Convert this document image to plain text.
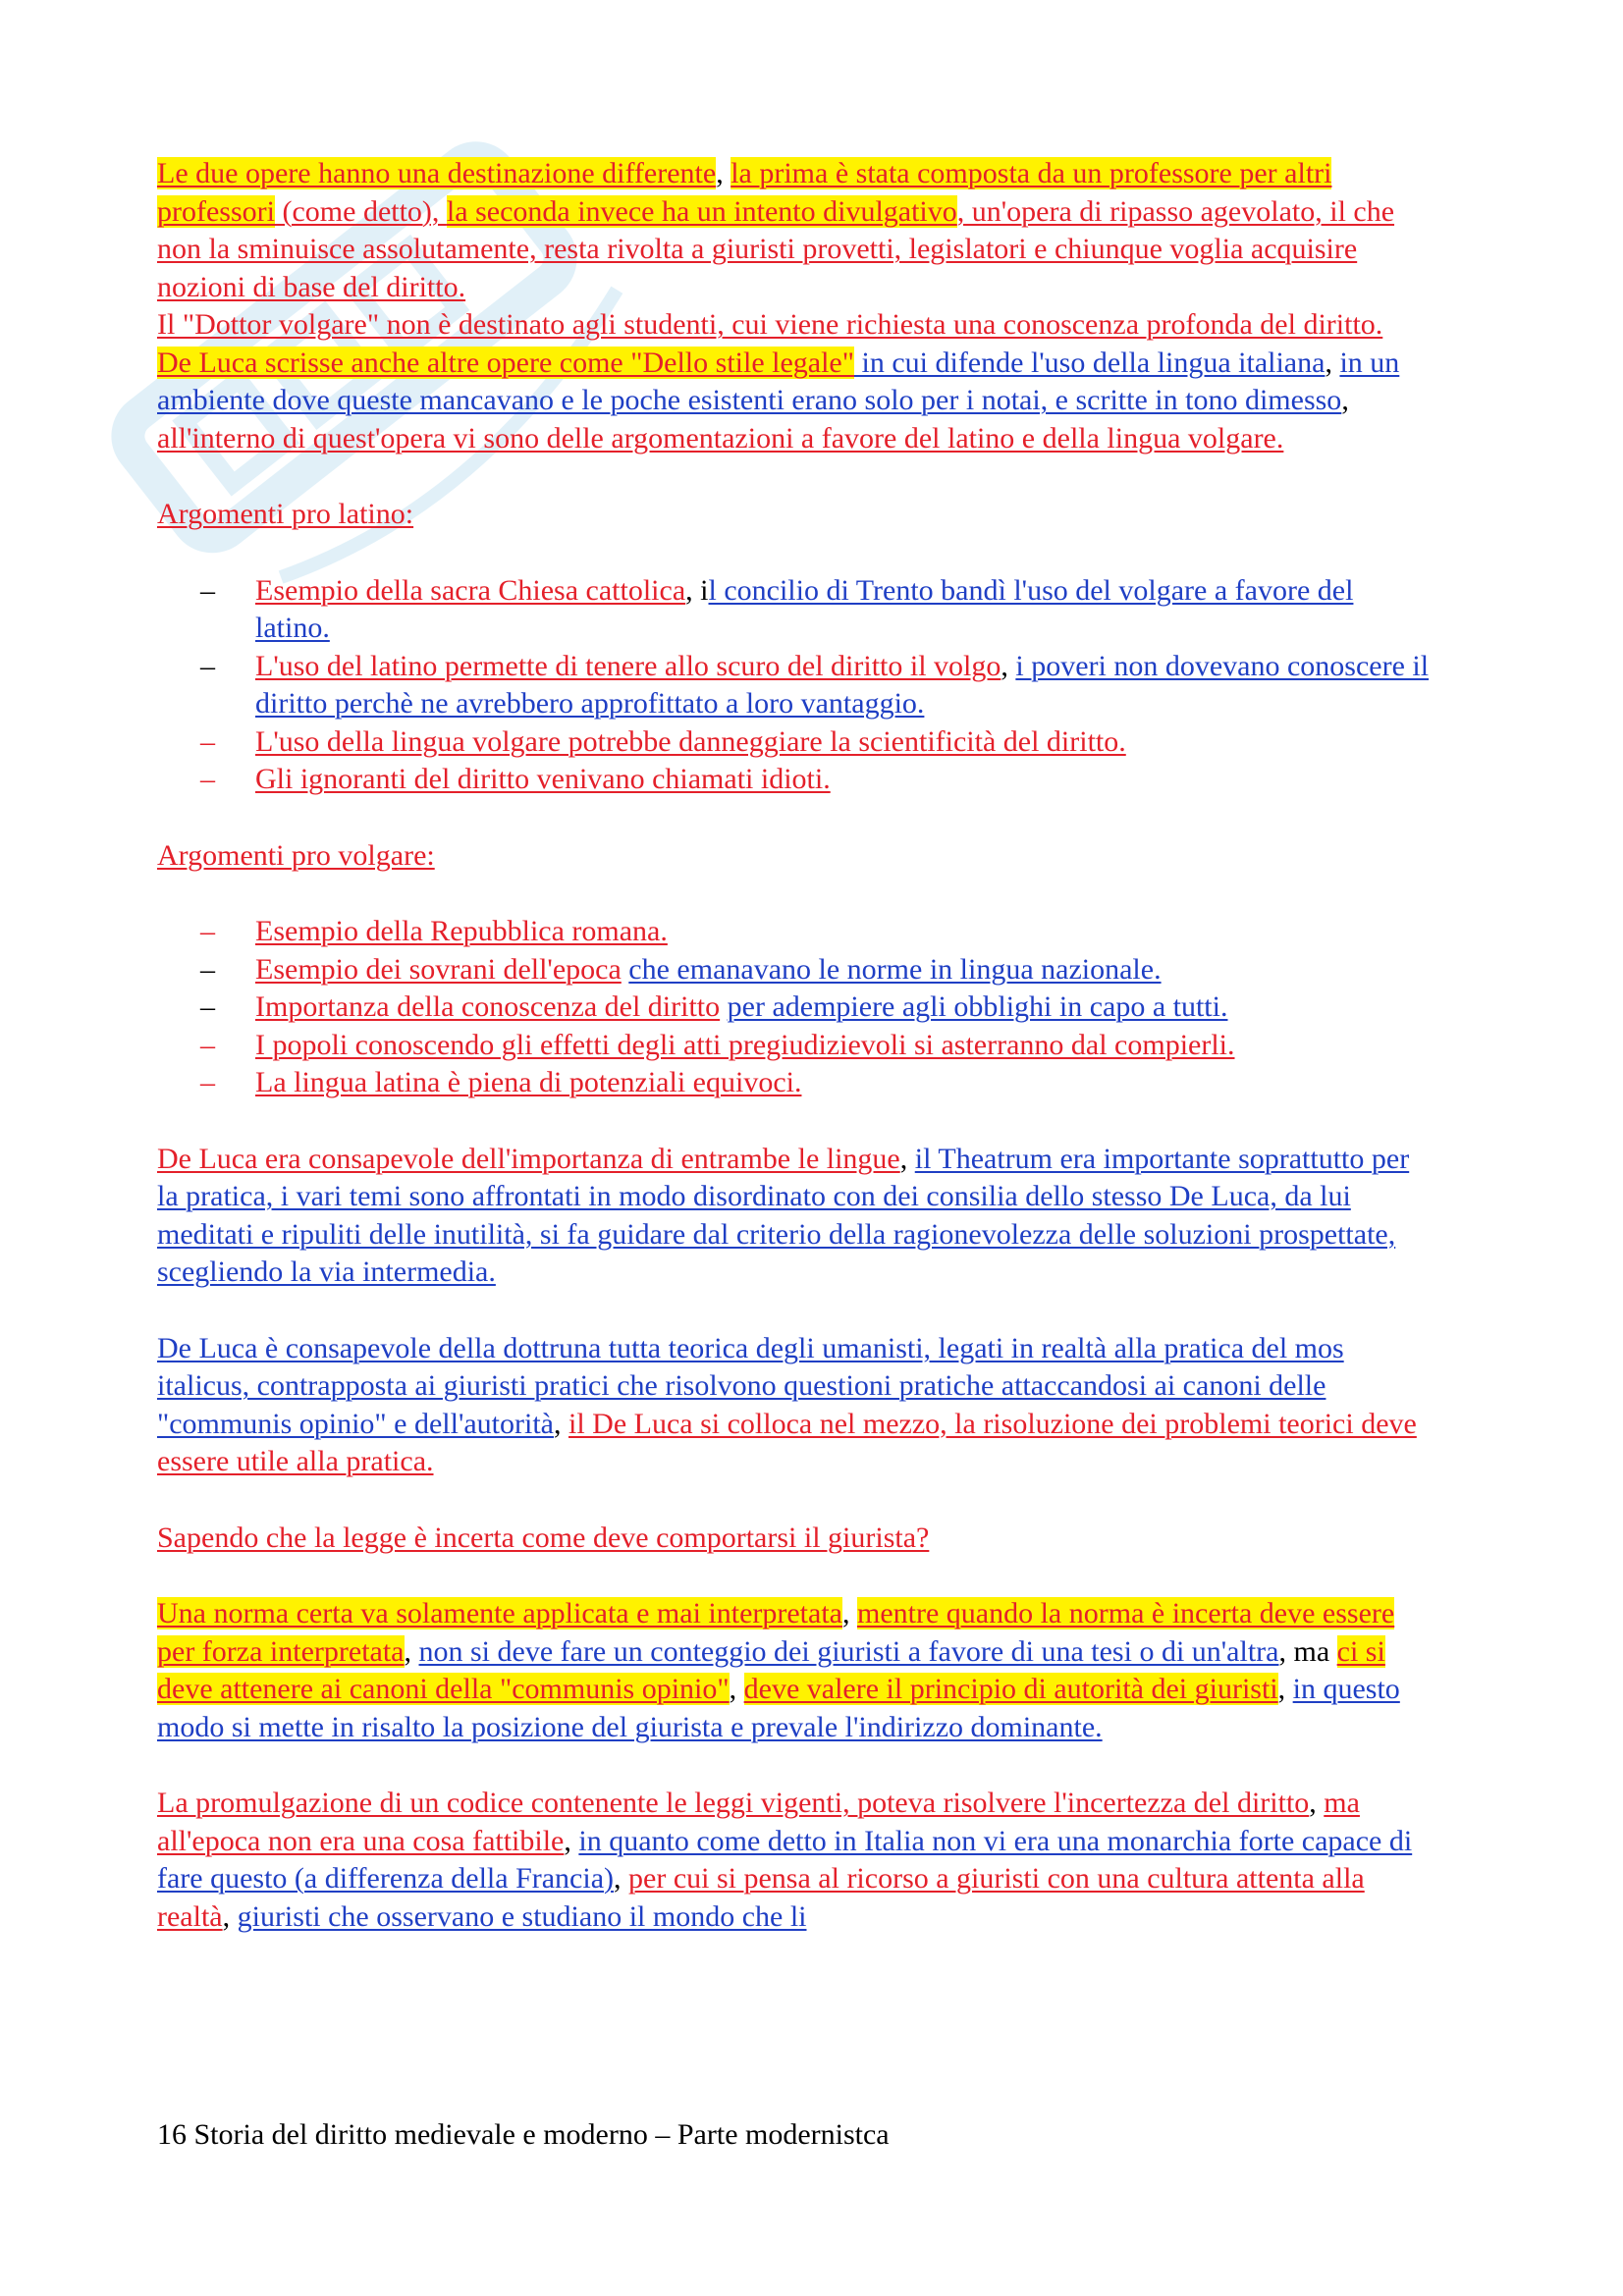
Le due opere hanno una destinazione differente, la prima è stata composta da un professore per altri professori (come detto), la seconda invece ha un intento divulgativo, un'opera di ripasso agevolato, il che non la sminuisce assolutamente, resta rivolta a giuristi provetti, legislatori e chiunque voglia acquisire nozioni di base del diritto.
Il "Dottor volgare" non è destinato agli studenti, cui viene richiesta una conoscenza profonda del diritto.
De Luca scrisse anche altre opere come "Dello stile legale" in cui difende l'uso della lingua italiana, in un ambiente dove queste mancavano e le poche esistenti erano solo per i notai, e scritte in tono dimesso, all'interno di quest'opera vi sono delle argomentazioni a favore del latino e della lingua volgare.
Argomenti pro latino:
– Esempio della sacra Chiesa cattolica, il concilio di Trento bandì l'uso del volgare a favore del latino.
– L'uso del latino permette di tenere allo scuro del diritto il volgo, i poveri non dovevano conoscere il diritto perchè ne avrebbero approfittato a loro vantaggio.
– L'uso della lingua volgare potrebbe danneggiare la scientificità del diritto.
– Gli ignoranti del diritto venivano chiamati idioti.
Argomenti pro volgare:
– Esempio della Repubblica romana.
– Esempio dei sovrani dell'epoca che emanavano le norme in lingua nazionale.
– Importanza della conoscenza del diritto per adempiere agli obblighi in capo a tutti.
– I popoli conoscendo gli effetti degli atti pregiudizievoli si asterranno dal compierli.
– La lingua latina è piena di potenziali equivoci.
De Luca era consapevole dell'importanza di entrambe le lingue, il Theatrum era importante soprattutto per la pratica, i vari temi sono affrontati in modo disordinato con dei consilia dello stesso De Luca, da lui meditati e ripuliti delle inutilità, si fa guidare dal criterio della ragionevolezza delle soluzioni prospettate, scegliendo la via intermedia.
De Luca è consapevole della dottruna tutta teorica degli umanisti, legati in realtà alla pratica del mos italicus, contrapposta ai giuristi pratici che risolvono questioni pratiche attaccandosi ai canoni delle "communis opinio" e dell'autorità, il De Luca si colloca nel mezzo, la risoluzione dei problemi teorici deve essere utile alla pratica.
Sapendo che la legge è incerta come deve comportarsi il giurista?
Una norma certa va solamente applicata e mai interpretata, mentre quando la norma è incerta deve essere per forza interpretata, non si deve fare un conteggio dei giuristi a favore di una tesi o di un'altra, ma ci si deve attenere ai canoni della "communis opinio", deve valere il principio di autorità dei giuristi, in questo modo si mette in risalto la posizione del giurista e prevale l'indirizzo dominante.
La promulgazione di un codice contenente le leggi vigenti, poteva risolvere l'incertezza del diritto, ma all'epoca non era una cosa fattibile, in quanto come detto in Italia non vi era una monarchia forte capace di fare questo (a differenza della Francia), per cui si pensa al ricorso a giuristi con una cultura attenta alla realtà, giuristi che osservano e studiano il mondo che li
16 Storia del diritto medievale e moderno – Parte modernistca
